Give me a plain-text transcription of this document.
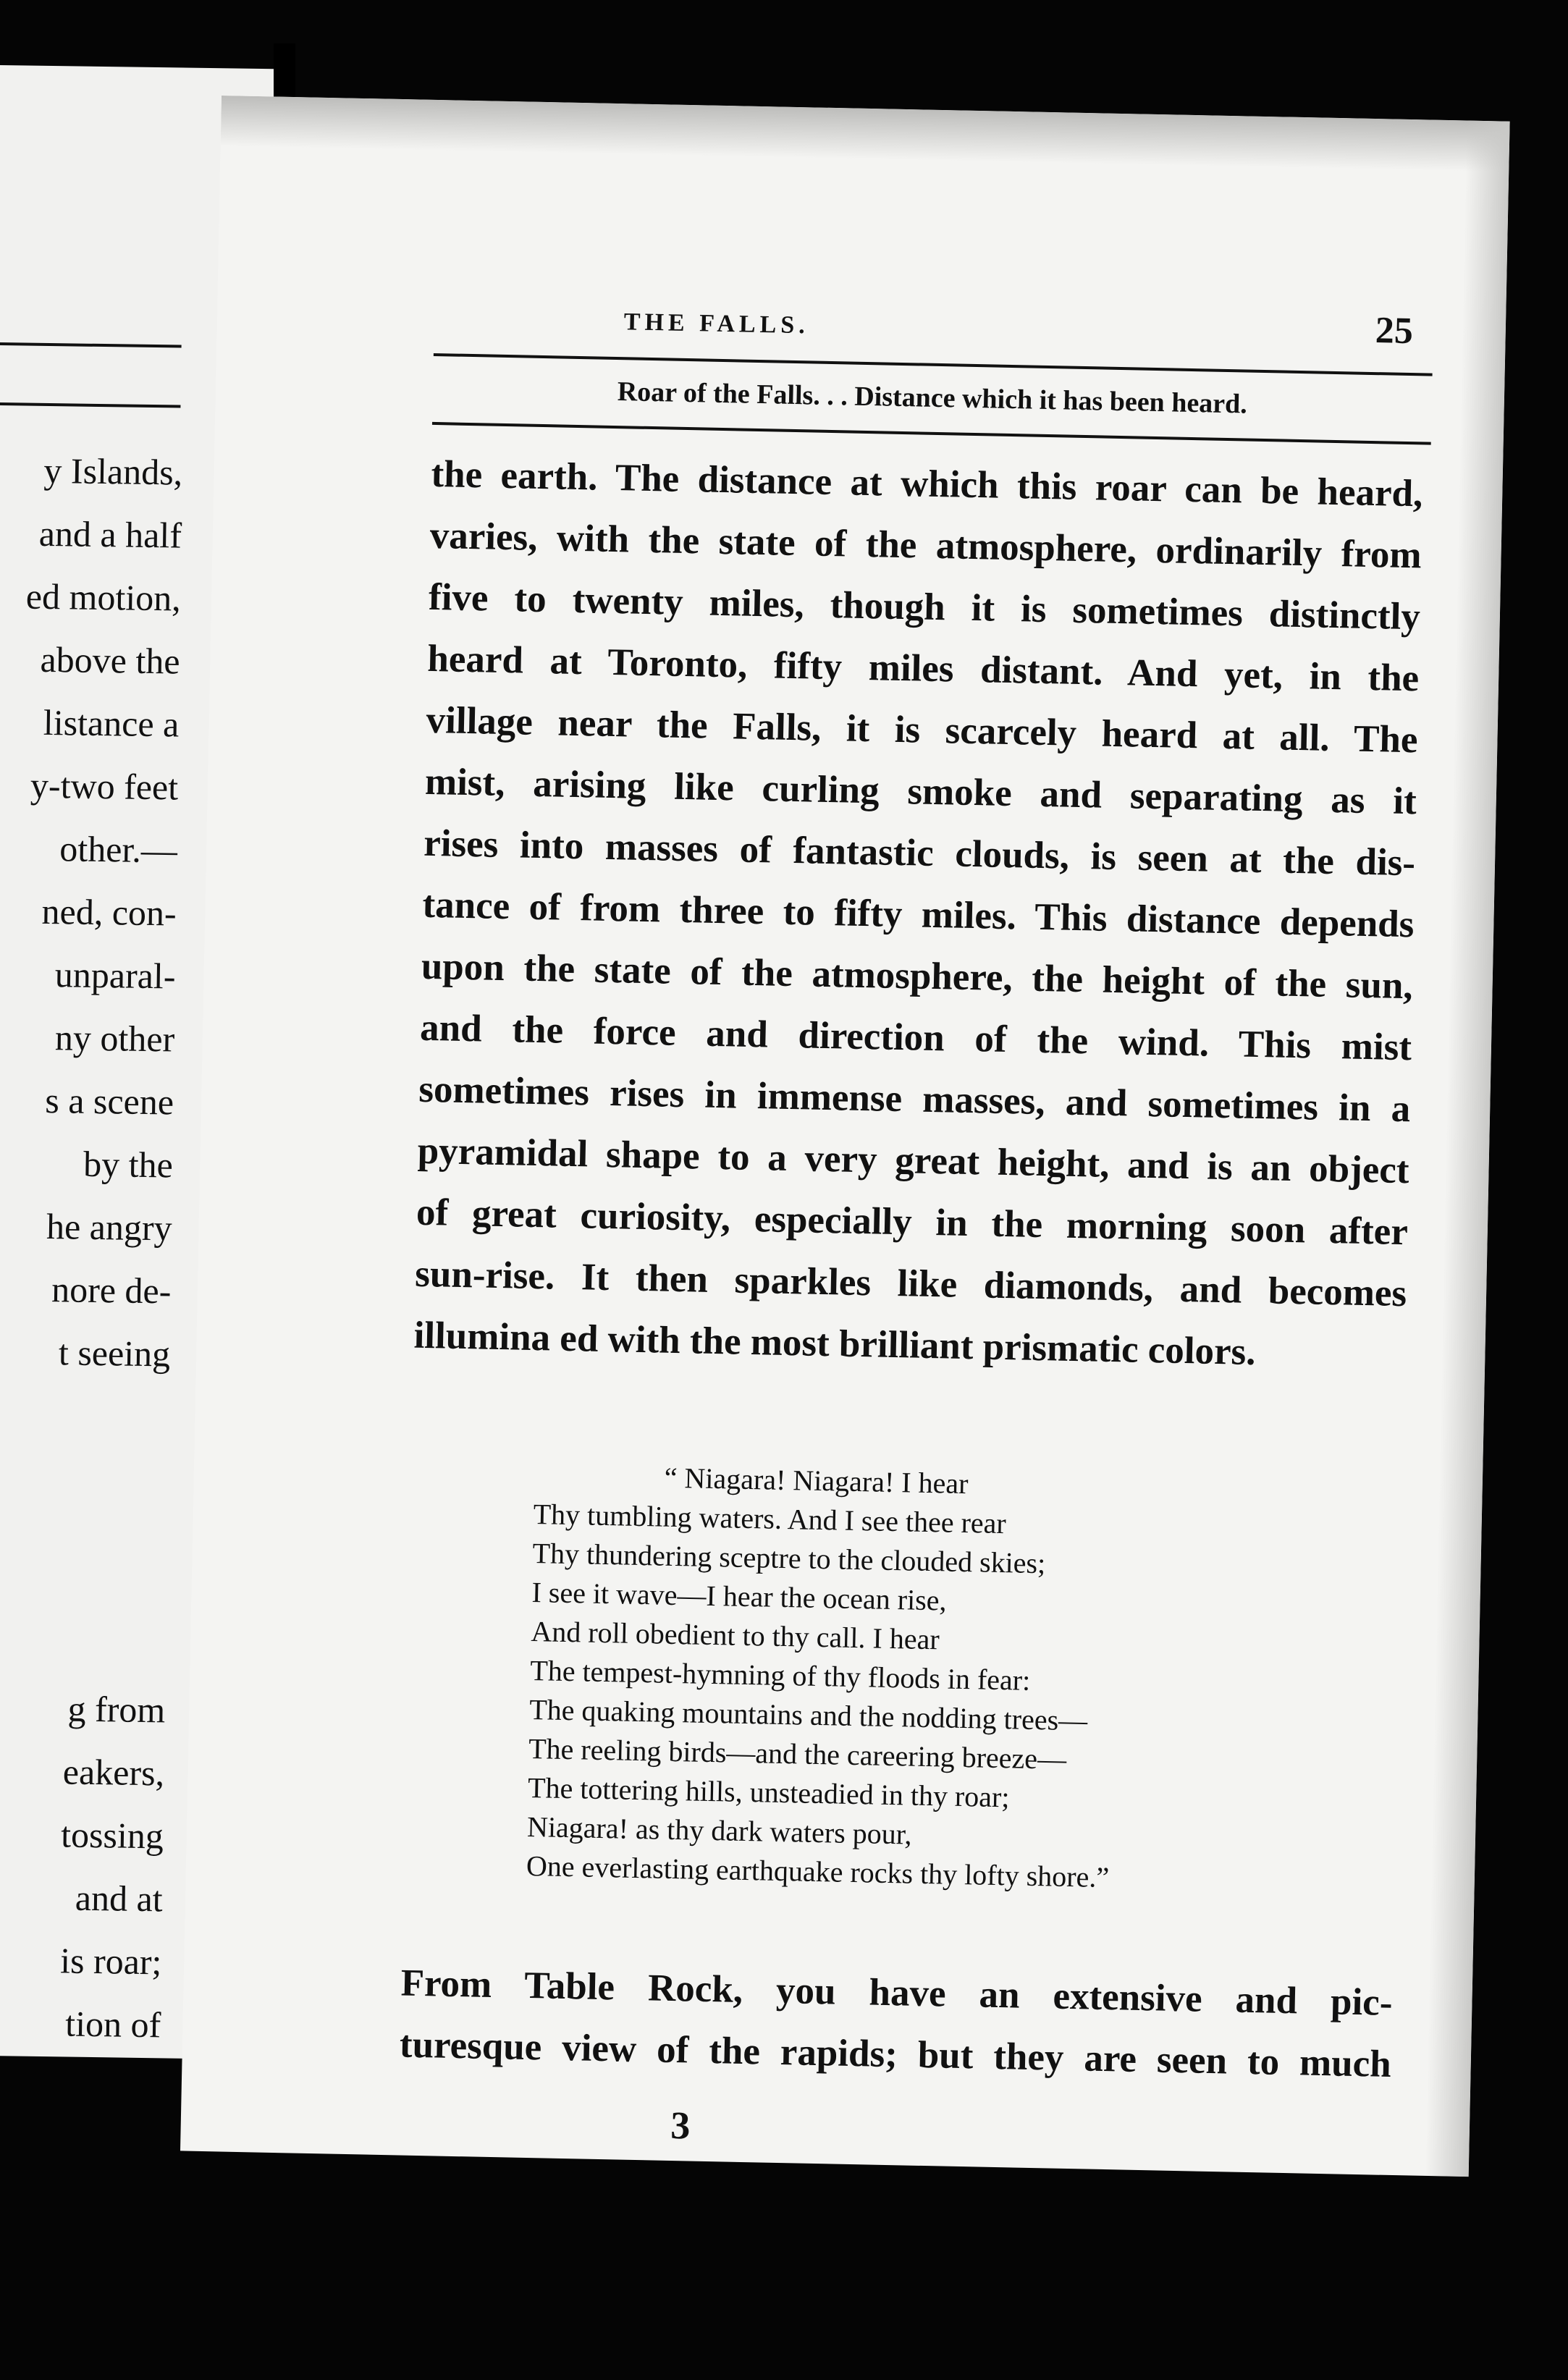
y Islands,
and a half
ed motion,
above the
listance a
y-two feet
other.—
ned, con-
unparal-
ny other
s a scene
by the
he angry
nore de-
t seeing
g from
eakers,
tossing
and at
is roar;
tion of
THE FALLS.	25
Roar of the Falls. . . Distance which it has been heard.
the earth. The distance at which this roar can be heard,
varies, with the state of the atmosphere, ordinarily from
five to twenty miles, though it is sometimes distinctly
heard at Toronto, fifty miles distant. And yet, in the
village near the Falls, it is scarcely heard at all. The
mist, arising like curling smoke and separating as it
rises into masses of fantastic clouds, is seen at the dis-
tance of from three to fifty miles. This distance depends
upon the state of the atmosphere, the height of the sun,
and the force and direction of the wind. This mist
sometimes rises in immense masses, and sometimes in a
pyramidal shape to a very great height, and is an object
of great curiosity, especially in the morning soon after
sun-rise. It then sparkles like diamonds, and becomes
illumina ed with the most brilliant prismatic colors.
“ Niagara! Niagara! I hear
Thy tumbling waters. And I see thee rear
Thy thundering sceptre to the clouded skies;
I see it wave—I hear the ocean rise,
And roll obedient to thy call. I hear
The tempest-hymning of thy floods in fear:
The quaking mountains and the nodding trees—
The reeling birds—and the careering breeze—
The tottering hills, unsteadied in thy roar;
Niagara! as thy dark waters pour,
One everlasting earthquake rocks thy lofty shore.”
From Table Rock, you have an extensive and pic-
turesque view of the rapids; but they are seen to much
3
